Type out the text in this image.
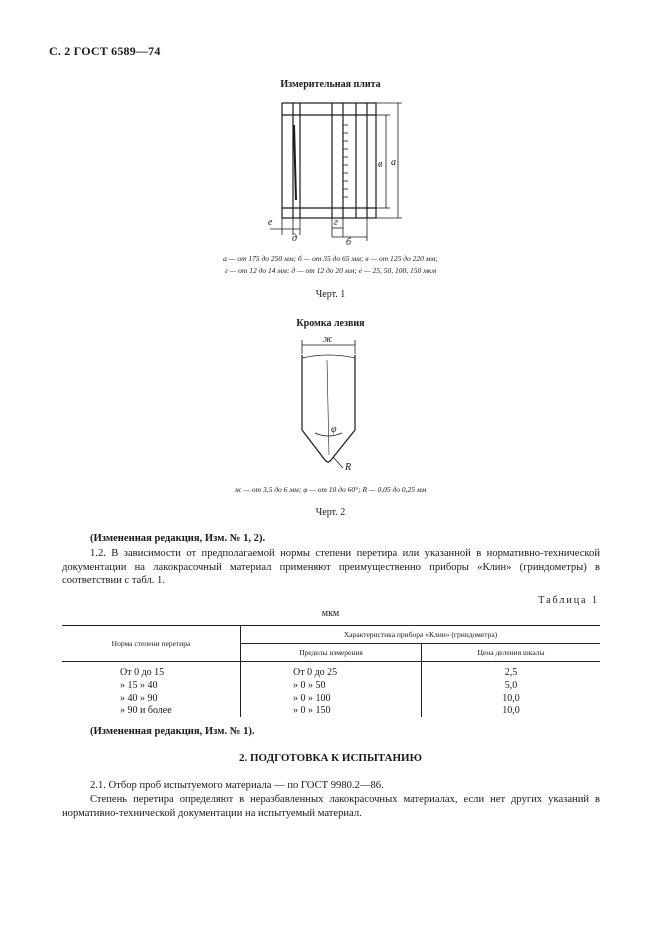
С. 2 ГОСТ 6589—74
Измерительная плита
а
в
е
д
г
б
а — от 175 до 250 мм; б — от 35 до 65 мм; в — от 125 до 220 мм;
г — от 12 до 14 мм; д — от 12 до 20 мм; е — 25, 50, 100, 150 мкм
Черт. 1
Кромка лезвия
ж
φ
R
ж — от 3,5 до 6 мм; φ — от 10 до 60°; R — 0,05 до 0,25 мм
Черт. 2
(Измененная редакция, Изм. № 1, 2).
1.2. В зависимости от предполагаемой нормы степени перетира или указанной в нормативно-технической документации на лакокрасочный материал применяют преимущественно приборы «Клин» (гриндометры) в соответствии с табл. 1.
Таблица 1
мкм
Норма степени перетира	Характеристика прибора «Клин» (гриндометра)	
	Пределы измерения	Цена деления шкалы
От 0 до 15	От 0 до 25	2,5
» 15 » 40	» 0 » 50	5,0
» 40 » 90	» 0 » 100	10,0
» 90 и более	» 0 » 150	10,0
(Измененная редакция, Изм. № 1).
2. ПОДГОТОВКА К ИСПЫТАНИЮ
2.1. Отбор проб испытуемого материала — по ГОСТ 9980.2—86.
Степень перетира определяют в неразбавленных лакокрасочных материалах, если нет других указаний в нормативно-технической документации на испытуемый материал.
